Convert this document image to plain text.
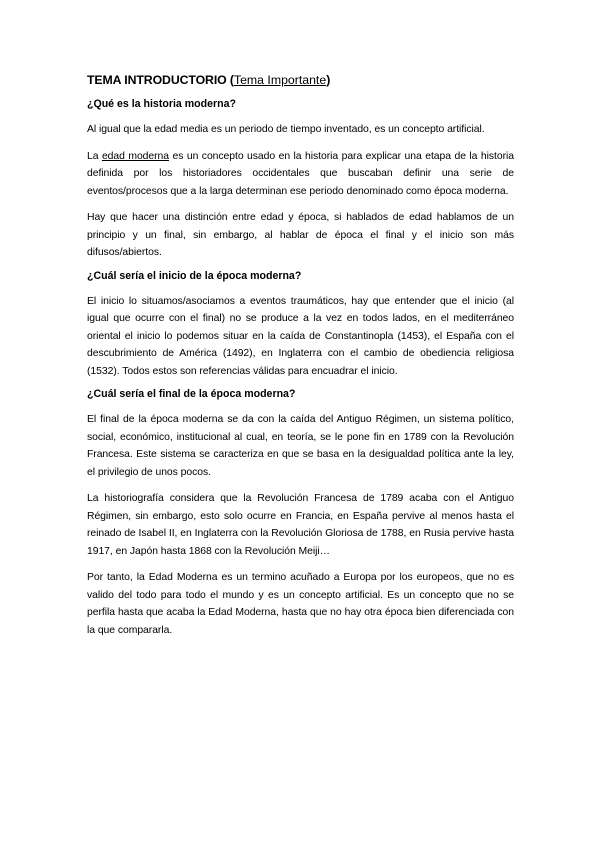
TEMA INTRODUCTORIO (Tema Importante)
¿Qué es la historia moderna?

Al igual que la edad media es un periodo de tiempo inventado, es un concepto artificial.

La edad moderna es un concepto usado en la historia para explicar una etapa de la historia definida por los historiadores occidentales que buscaban definir una serie de eventos/procesos que a la larga determinan ese periodo denominado como época moderna.

Hay que hacer una distinción entre edad y época, si hablados de edad hablamos de un principio y un final, sin embargo, al hablar de época el final y el inicio son más difusos/abiertos.

¿Cuál sería el inicio de la época moderna?

El inicio lo situamos/asociamos a eventos traumáticos, hay que entender que el inicio (al igual que ocurre con el final) no se produce a la vez en todos lados, en el mediterráneo oriental el inicio lo podemos situar en la caída de Constantinopla (1453), el España con el descubrimiento de América (1492), en Inglaterra con el cambio de obediencia religiosa (1532). Todos estos son referencias válidas para encuadrar el inicio.

¿Cuál sería el final de la época moderna?

El final de la época moderna se da con la caída del Antiguo Régimen, un sistema político, social, económico, institucional al cual, en teoría, se le pone fin en 1789 con la Revolución Francesa. Este sistema se caracteriza en que se basa en la desigualdad política ante la ley, el privilegio de unos pocos.

La historiografía considera que la Revolución Francesa de 1789 acaba con el Antiguo Régimen, sin embargo, esto solo ocurre en Francia, en España pervive al menos hasta el reinado de Isabel II, en Inglaterra con la Revolución Gloriosa de 1788, en Rusia pervive hasta 1917, en Japón hasta 1868 con la Revolución Meiji…

Por tanto, la Edad Moderna es un termino acuñado a Europa por los europeos, que no es valido del todo para todo el mundo y es un concepto artificial. Es un concepto que no se perfila hasta que acaba la Edad Moderna, hasta que no hay otra época bien diferenciada con la que compararla.
